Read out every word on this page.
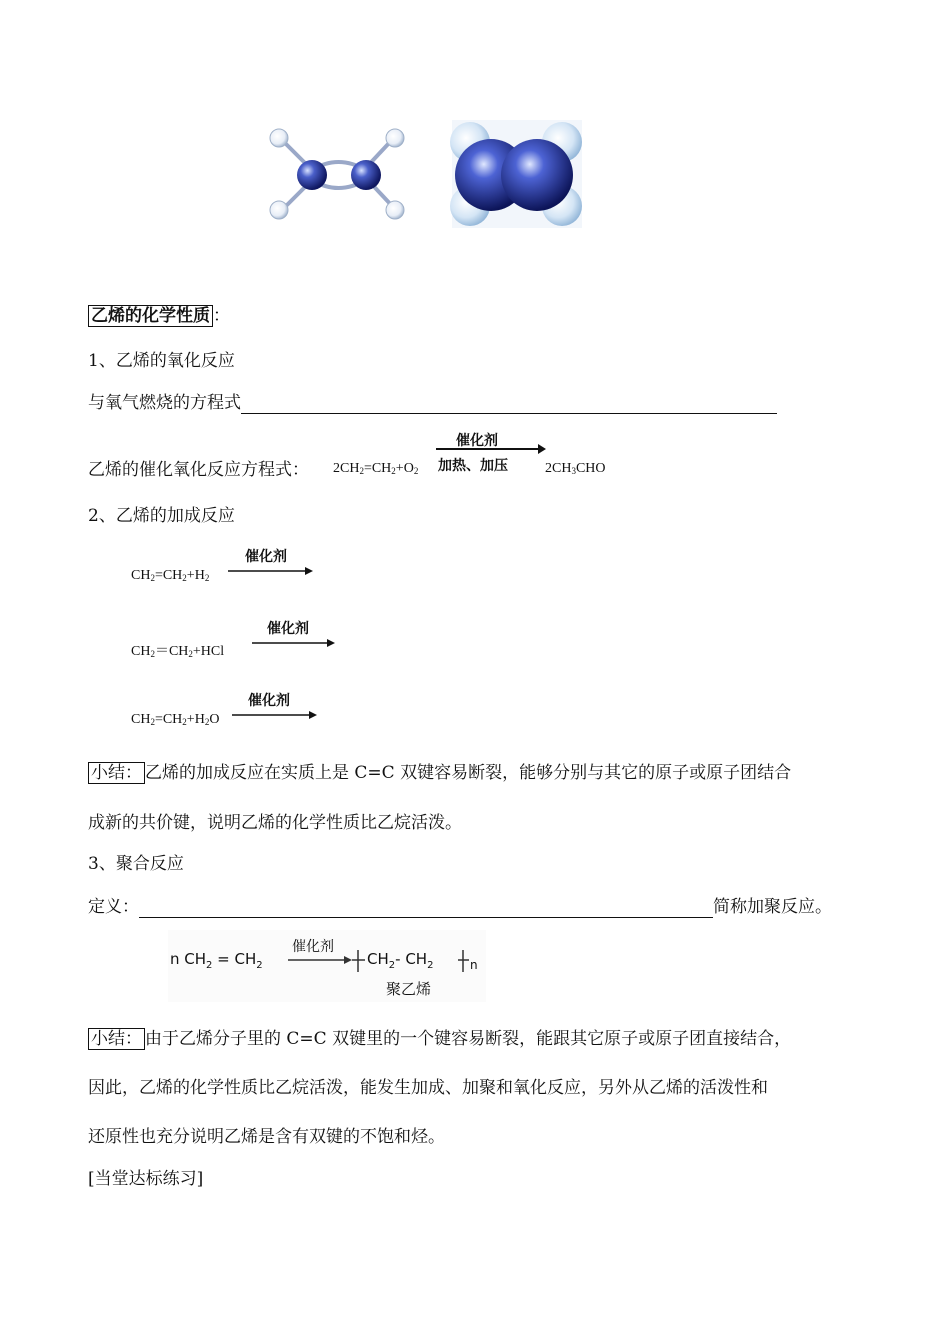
乙烯的化学性质 ：
1、乙烯的氧化反应
与氧气燃烧的方程式
乙烯的催化氧化反应方程式： $2CH_2=CH_2+O_2$
催化剂
加热、加压	$2CH_3CHO$
2、乙烯的加成反应
催化剂
$CH_2=CH_2+H_2$
催化剂
$CH_2=CH_2+HCl$
催化剂
$CH_2=CH_2+H_2O$
小结： 乙烯的加成反应在实质上是 C=C 双键容易断裂，能够分别与其它的原子或原子团结合
成新的共价键，说明乙烯的化学性质比乙烷活泼。
3、聚合反应
定义：	简称加聚反应。
n $CH_2 = CH_2$
催化剂
$CH_2-$ $CH_2$	n
聚乙烯
小结： 由于乙烯分子里的 C=C 双键里的一个键容易断裂，能跟其它原子或原子团直接结合，
因此，乙烯的化学性质比乙烷活泼，能发生加成、加聚和氧化反应，另外从乙烯的活泼性和
还原性也充分说明乙烯是含有双键的不饱和烃。
[当堂达标练习]
